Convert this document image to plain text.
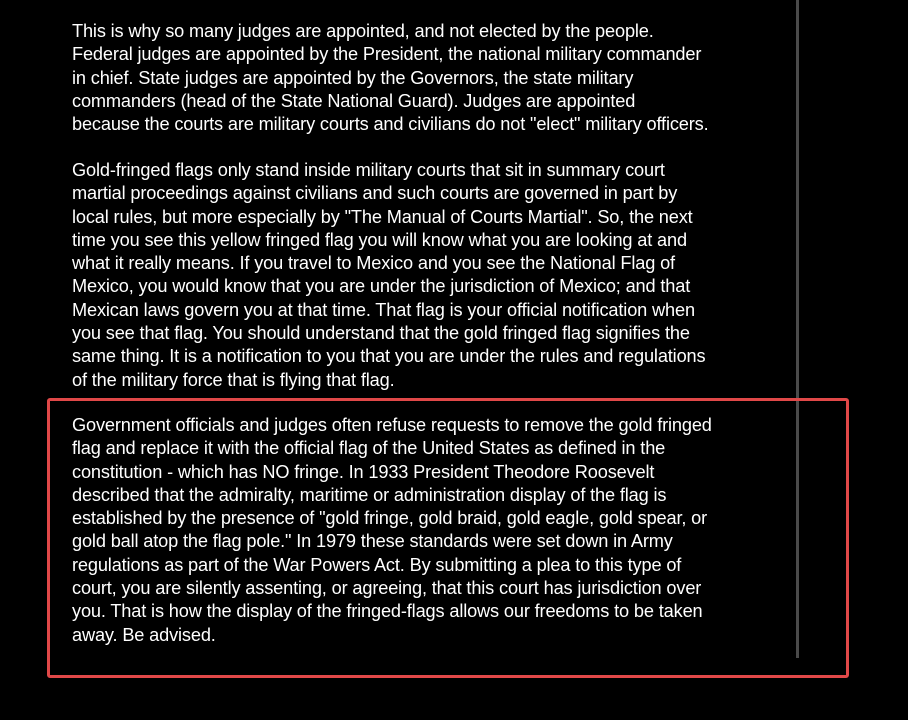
This is why so many judges are appointed, and not elected by the people.
Federal judges are appointed by the President, the national military commander
in chief. State judges are appointed by the Governors, the state military
commanders (head of the State National Guard). Judges are appointed
because the courts are military courts and civilians do not "elect" military officers.

Gold-fringed flags only stand inside military courts that sit in summary court
martial proceedings against civilians and such courts are governed in part by
local rules, but more especially by "The Manual of Courts Martial". So, the next
time you see this yellow fringed flag you will know what you are looking at and
what it really means. If you travel to Mexico and you see the National Flag of
Mexico, you would know that you are under the jurisdiction of Mexico; and that
Mexican laws govern you at that time. That flag is your official notification when
you see that flag. You should understand that the gold fringed flag signifies the
same thing. It is a notification to you that you are under the rules and regulations
of the military force that is flying that flag.

Government officials and judges often refuse requests to remove the gold fringed
flag and replace it with the official flag of the United States as defined in the
constitution - which has NO fringe. In 1933 President Theodore Roosevelt
described that the admiralty, maritime or administration display of the flag is
established by the presence of "gold fringe, gold braid, gold eagle, gold spear, or
gold ball atop the flag pole." In 1979 these standards were set down in Army
regulations as part of the War Powers Act. By submitting a plea to this type of
court, you are silently assenting, or agreeing, that this court has jurisdiction over
you. That is how the display of the fringed-flags allows our freedoms to be taken
away. Be advised.
